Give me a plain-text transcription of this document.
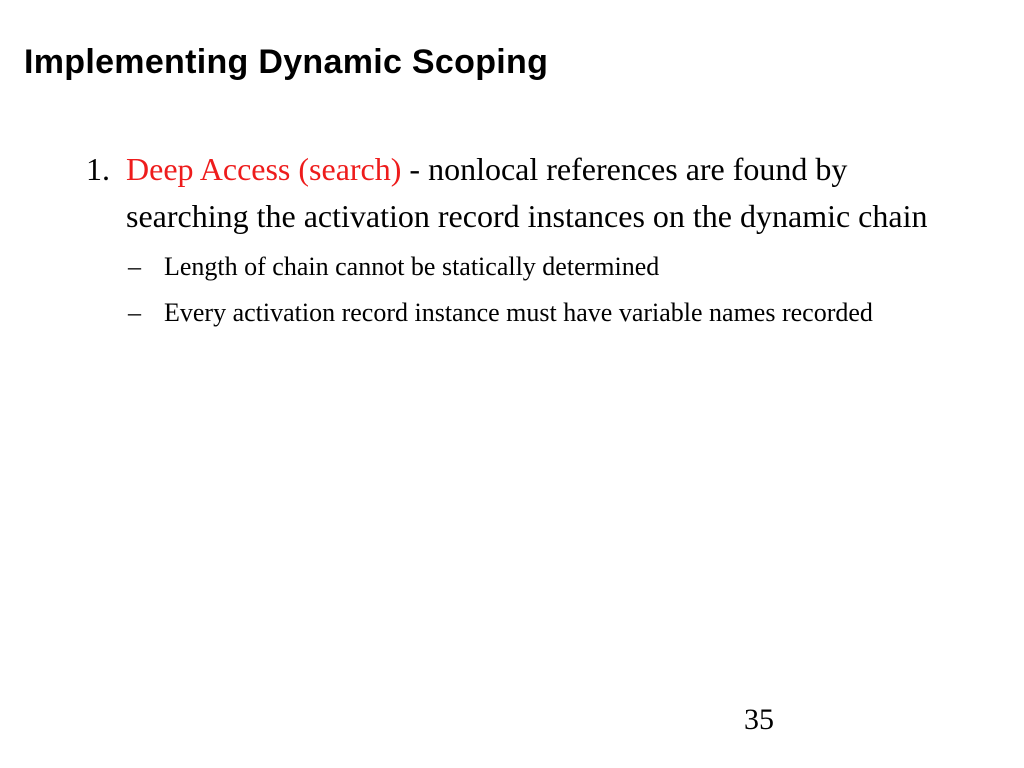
Implementing Dynamic Scoping

1. Deep Access (search) - nonlocal references are found by searching the activation record instances on the dynamic chain

– Length of chain cannot be statically determined
– Every activation record instance must have variable names recorded
35
